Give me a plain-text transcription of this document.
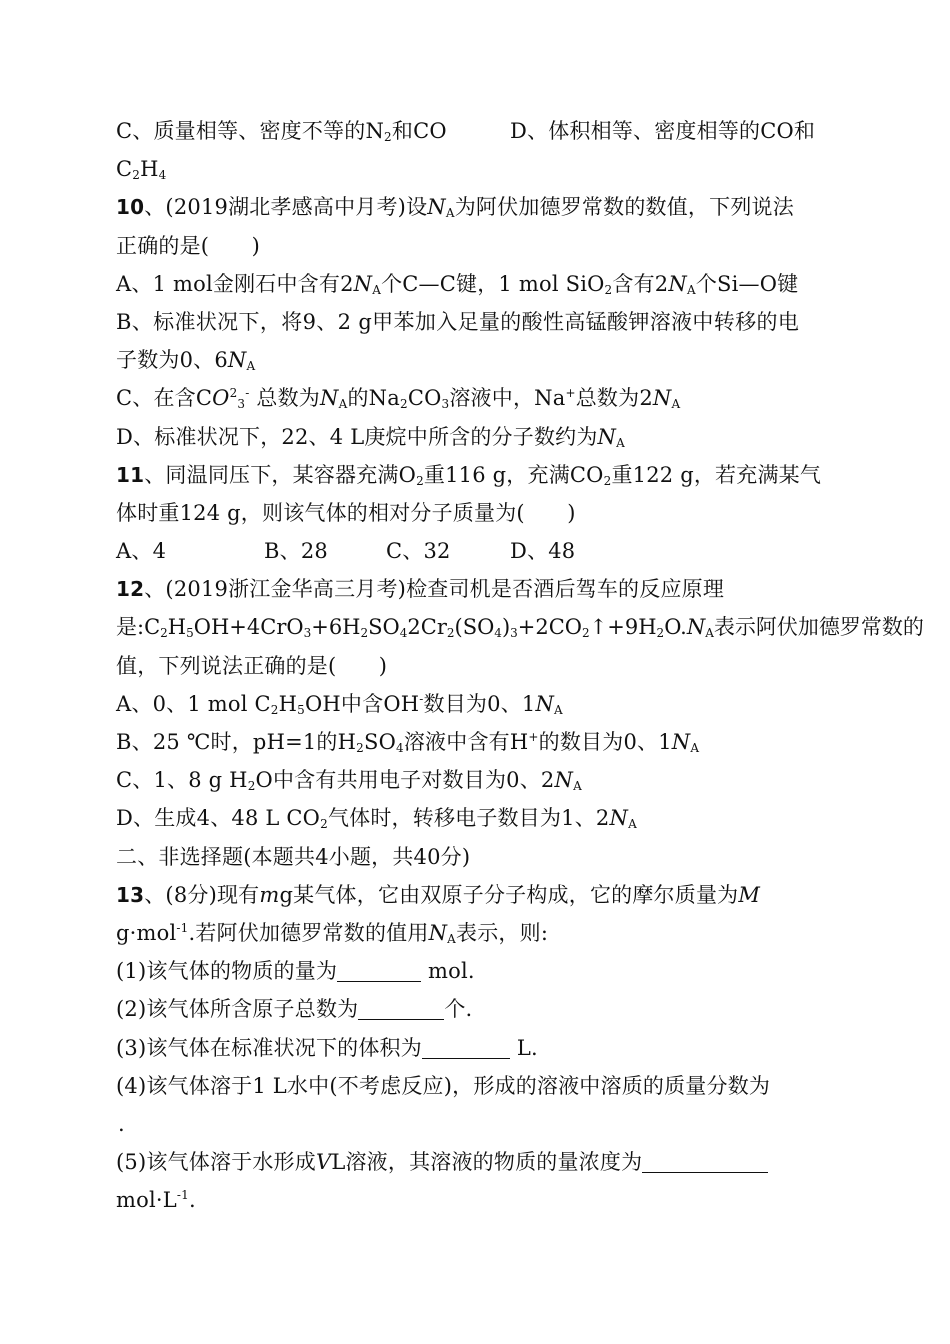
C、质量相等、密度不等的$N_2$和CO	D、体积相等、密度相等的CO和
$C_2H_4$
10、(2019湖北孝感高中月考)设$N_A$为阿伏加德罗常数的数值，下列说法
正确的是(　　)
A、1 mol金刚石中含有$2N_A$个C—C键，1 mol SiO$_2$含有$2N_A$个Si—O键
B、标准状况下，将9、2 g甲苯加入足量的酸性高锰酸钾溶液中转移的电
子数为0、$6N_A$
C、在含$CO^2_3^-$ 总数为$N_A$的$Na_2CO_3$溶液中，Na+总数为$2N_A$
D、标准状况下，22、4 L庚烷中所含的分子数约为$N_A$
11、同温同压下，某容器充满$O_2$重116 g，充满$CO_2$重122 g，若充满某气
体时重124 g，则该气体的相对分子质量为(　　)
A、4	B、28	C、32	D、48
12、(2019浙江金华高三月考)检查司机是否酒后驾车的反应原理
是$:C_2H_5OH+4CrO_3+6H_2SO_42Cr_2(SO_4)_3+2CO_2↑+9H_2O.N_A$表示阿伏加德罗常数的
值，下列说法正确的是(　　)
A、0、1 mol $C_2H_5OH$中含OH-数目为0、$1N_A$
B、25 ℃时，pH=1的$H_2SO_4$溶液中含有H+的数目为0、$1N_A$
C、1、8 g $H_2O$中含有共用电子对数目为0、$2N_A$
D、生成4、48 L $CO_2$气体时，转移电子数目为1、$2N_A$
二、非选择题(本题共4小题，共40分)
13、(8分)现有mg某气体，它由双原子分子构成，它的摩尔质量为M
g·mol$^{-1}$.若阿伏加德罗常数的值用$N_A$表示，则:
(1)该气体的物质的量为	mol.
(2)该气体所含原子总数为	个.
(3)该气体在标准状况下的体积为	L.
(4)该气体溶于1 L水中(不考虑反应)，形成的溶液中溶质的质量分数为
.
(5)该气体溶于水形成VL溶液，其溶液的物质的量浓度为
$mol\cdot L^{-1}$.
